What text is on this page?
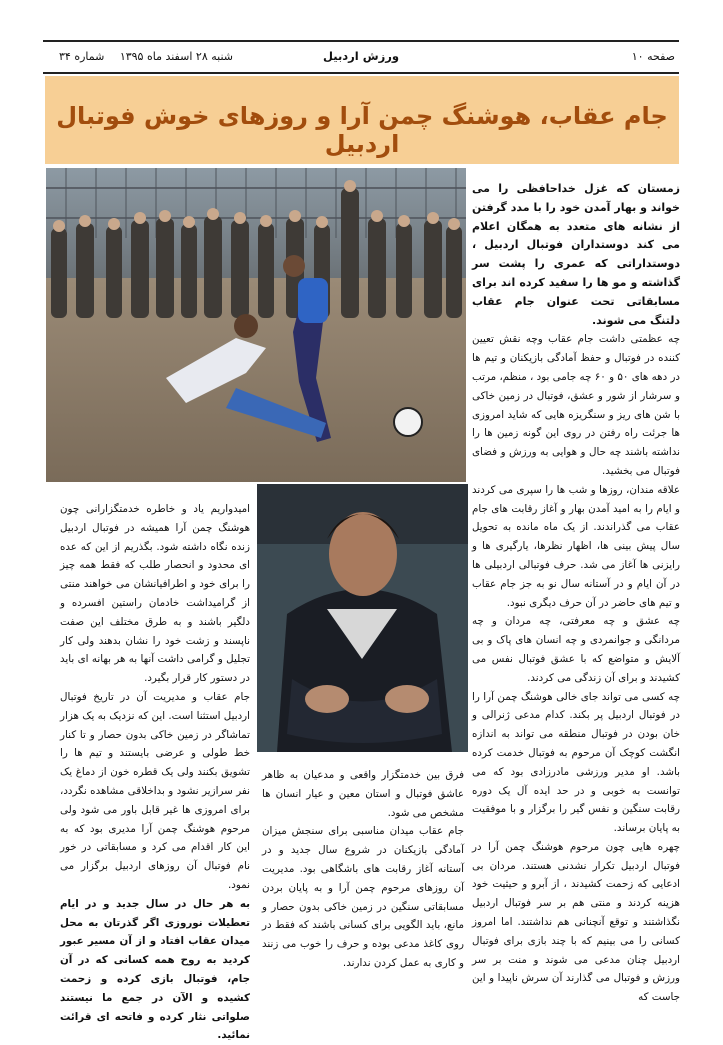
صفحه ۱۰
ورزش اردبیل
شنبه ۲۸ اسفند ماه ۱۳۹۵ شماره ۳۴
جام عقاب، هوشنگ چمن آرا و روزهای خوش فوتبال اردبیل

زمستان که غزل خداحافظی را می خواند و بهار آمدن خود را با مدد گرفتن از نشانه های متعدد به همگان اعلام می کند دوستداران فوتبال اردبیل ، دوستداراتی که عمری را پشت سر گذاشته و مو ها را سفید کرده اند برای مسابقاتی تحت عنوان جام عقاب دلتنگ می شوند.

چه عظمتی داشت جام عقاب وچه نقش تعیین کننده در فوتبال و حفظ آمادگی بازیکنان و تیم ها در دهه های ۵۰ و ۶۰ چه جامی بود ، منظم، مرتب و سرشار از شور و عشق، فوتبال در زمین خاکی با شن های ریز و سنگریزه هایی که شاید امروزی ها جرئت راه رفتن در روی این گونه زمین ها را نداشته باشند چه حال و هوایی به ورزش و فضای فوتبال می بخشید.

علاقه مندان، روزها و شب ها را سپری می کردند و ایام را به امید آمدن بهار و آغاز رقابت های جام عقاب می گذراندند. از یک ماه مانده به تحویل سال پیش بینی ها، اظهار نظرها، یارگیری ها و رایزنی ها آغاز می شد. حرف فوتبالی اردبیلی ها در آن ایام و در آستانه سال نو به جز جام عقاب و تیم های حاضر در آن حرف دیگری نبود.

چه عشق و چه معرفتی، چه مردان و چه مردانگی و جوانمردی و چه انسان های پاک و بی آلایش و متواضع که با عشق فوتبال نفس می کشیدند و برای آن زندگی می کردند.

چه کسی می تواند جای خالی هوشنگ چمن آرا را در فوتبال اردبیل پر بکند. کدام مدعی ژنرالی و خان بودن در فوتبال منطقه می تواند به اندازه انگشت کوچک آن مرحوم به فوتبال خدمت کرده باشد. او مدیر ورزشی مادرزادی بود که می توانست به خوبی و در حد ایده آل یک دوره رقابت سنگین و نفس گیر را برگزار و با موفقیت به پایان برساند.

چهره هایی چون مرحوم هوشنگ چمن آرا در فوتبال اردبیل تکرار نشدنی هستند. مردان بی ادعایی که زحمت کشیدند ، از آبرو و حیثیت خود هزینه کردند و منتی هم بر سر فوتبال اردبیل نگذاشتند و توقع آنچنانی هم نداشتند. اما امروز کسانی را می بینیم که با چند بازی برای فوتبال اردبیل چنان مدعی می شوند و منت بر سر ورزش و فوتبال می گذارند آن سرش ناپیدا و این جاست که

فرق بین خدمتگزار واقعی و مدعیان به ظاهر عاشق فوتبال و استان معین و عیار انسان ها مشخص می شود.

جام عقاب میدان مناسبی برای سنجش میزان آمادگی بازیکنان در شروع سال جدید و در آستانه آغاز رقابت های باشگاهی بود. مدیریت آن روزهای مرحوم چمن آرا و به پایان بردن مسابقاتی سنگین در زمین خاکی بدون حصار و مانع، باید الگویی برای کسانی باشند که فقط در روی کاغذ مدعی بوده و حرف را خوب می زنند و کاری به عمل کردن ندارند.

امیدواریم یاد و خاطره خدمتگزارانی چون هوشنگ چمن آرا همیشه در فوتبال اردبیل زنده نگاه داشته شود. بگذریم از این که عده ای محدود و انحصار طلب که فقط همه چیز را برای خود و اطرافیانشان می خواهند منتی از گرامیداشت خادمان راستین افسرده و دلگیر باشند و به طرق مختلف این صفت ناپسند و زشت خود را نشان بدهند ولی کار تجلیل و گرامی داشت آنها به هر بهانه ای باید در دستور کار قرار بگیرد.

جام عقاب و مدیریت آن در تاریخ فوتبال اردبیل استثنا است. این که نزدیک به یک هزار تماشاگر در زمین خاکی بدون حصار و تا کنار خط طولی و عرضی بایستند و تیم ها را تشویق بکنند ولی یک قطره خون از دماغ یک نفر سرازیر نشود و بداخلاقی مشاهده نگردد، برای امروزی ها غیر قابل باور می شود ولی مرحوم هوشنگ چمن آرا مدیری بود که به این کار اقدام می کرد و مسابقاتی در خور نام فوتبال آن روزهای اردبیل برگزار می نمود.

به هر حال در سال جدید و در ایام تعطیلات نوروزی اگر گذرتان به محل میدان عقاب افتاد و از آن مسیر عبور کردید به روح همه کسانی که در آن جام، فوتبال بازی کرده و زحمت کشیده و الآن در جمع ما نیستند صلواتی نثار کرده و فاتحه ای قرائت نمائید.
